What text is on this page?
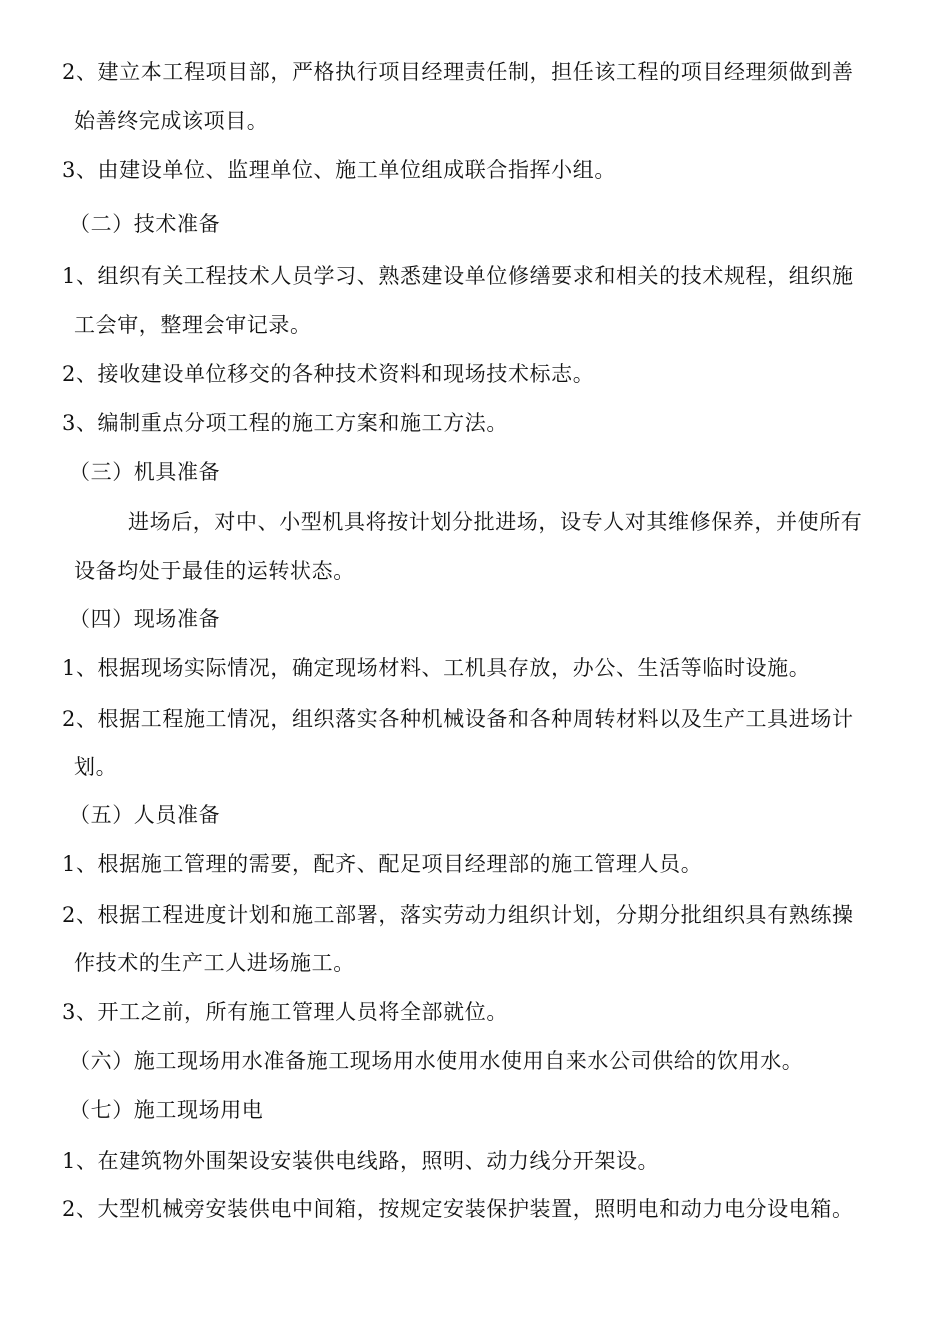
2、建立本工程项目部，严格执行项目经理责任制，担任该工程的项目经理须做到善
始善终完成该项目。
3、由建设单位、监理单位、施工单位组成联合指挥小组。
（二）技术准备
1、组织有关工程技术人员学习、熟悉建设单位修缮要求和相关的技术规程，组织施
工会审，整理会审记录。
2、接收建设单位移交的各种技术资料和现场技术标志。
3、编制重点分项工程的施工方案和施工方法。
（三）机具准备
进场后，对中、小型机具将按计划分批进场，设专人对其维修保养，并使所有
设备均处于最佳的运转状态。
（四）现场准备
1、根据现场实际情况，确定现场材料、工机具存放，办公、生活等临时设施。
2、根据工程施工情况，组织落实各种机械设备和各种周转材料以及生产工具进场计
划。
（五）人员准备
1、根据施工管理的需要，配齐、配足项目经理部的施工管理人员。
2、根据工程进度计划和施工部署，落实劳动力组织计划，分期分批组织具有熟练操
作技术的生产工人进场施工。
3、开工之前，所有施工管理人员将全部就位。
（六）施工现场用水准备施工现场用水使用水使用自来水公司供给的饮用水。
（七）施工现场用电
1、在建筑物外围架设安装供电线路，照明、动力线分开架设。
2、大型机械旁安装供电中间箱，按规定安装保护装置，照明电和动力电分设电箱。
